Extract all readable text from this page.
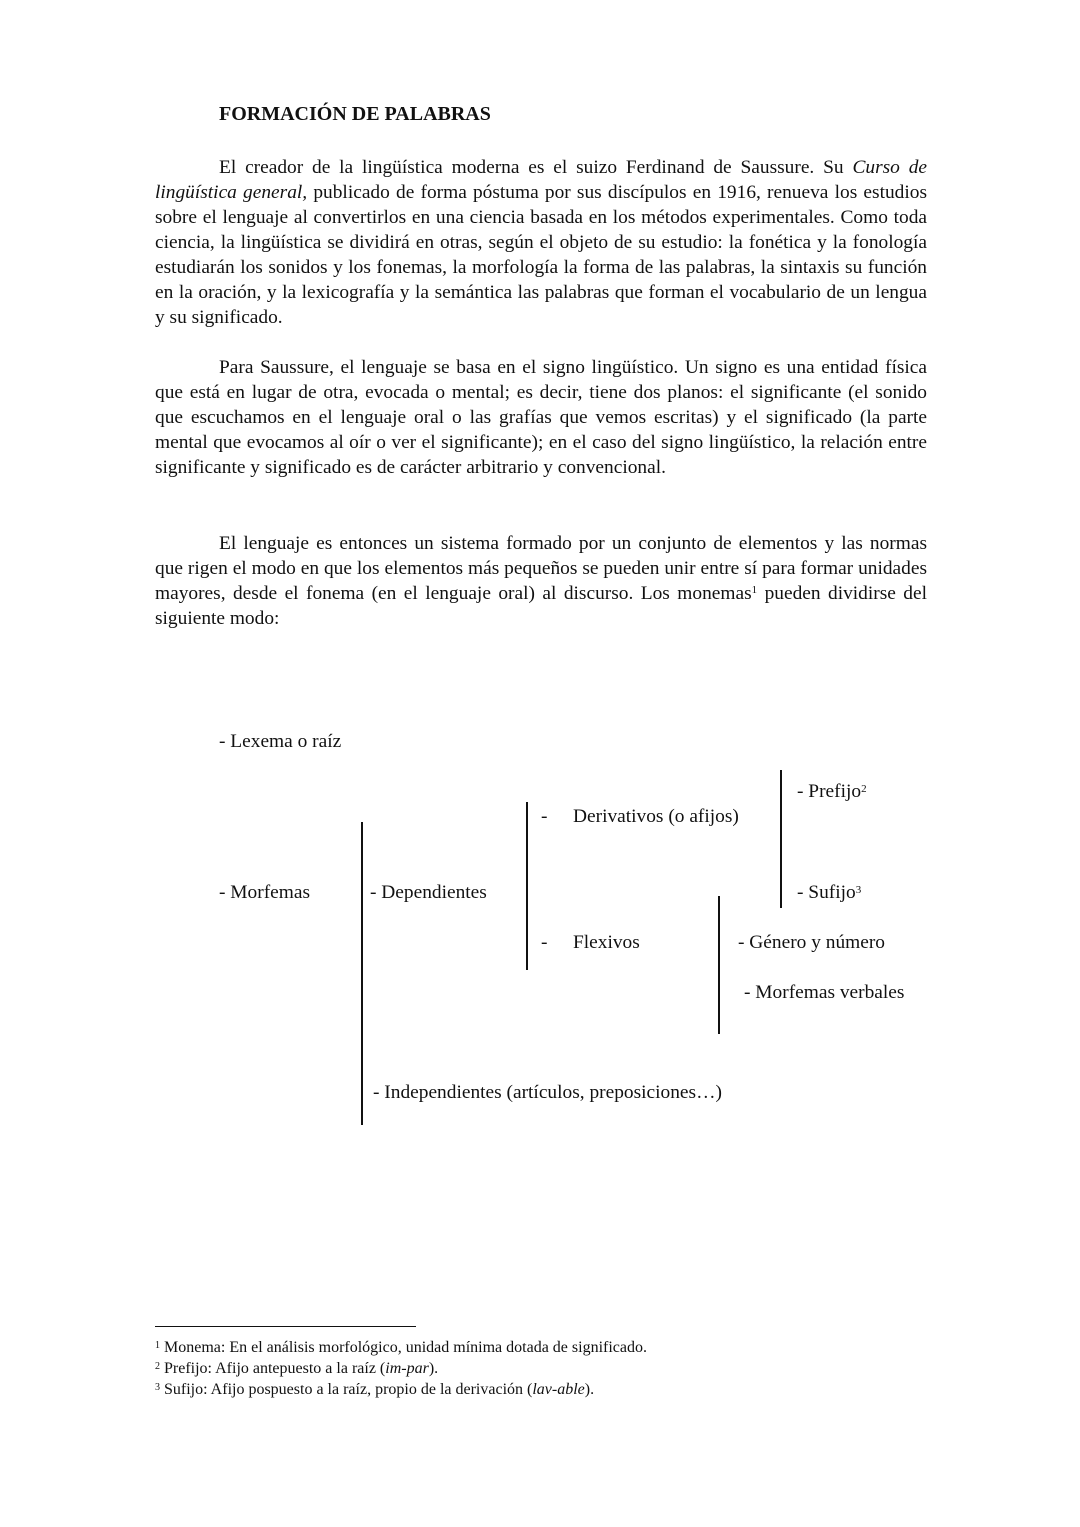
FORMACIÓN DE PALABRAS

El creador de la lingüística moderna es el suizo Ferdinand de Saussure. Su Curso de lingüística general, publicado de forma póstuma por sus discípulos en 1916, renueva los estudios sobre el lenguaje al convertirlos en una ciencia basada en los métodos experimentales. Como toda ciencia, la lingüística se dividirá en otras, según el objeto de su estudio: la fonética y la fonología estudiarán los sonidos y los fonemas, la morfología la forma de las palabras, la sintaxis su función en la oración, y la lexicografía y la semántica las palabras que forman el vocabulario de un lengua y su significado.

Para Saussure, el lenguaje se basa en el signo lingüístico. Un signo es una entidad física que está en lugar de otra, evocada o mental; es decir, tiene dos planos: el significante (el sonido que escuchamos en el lenguaje oral o las grafías que vemos escritas) y el significado (la parte mental que evocamos al oír o ver el significante); en el caso del signo lingüístico, la relación entre significante y significado es de carácter arbitrario y convencional.

El lenguaje es entonces un sistema formado por un conjunto de elementos y las normas que rigen el modo en que los elementos más pequeños se pueden unir entre sí para formar unidades mayores, desde el fonema (en el lenguaje oral) al discurso. Los monemas$^1$ pueden dividirse del siguiente modo:

- Lexema o raíz
- Prefijo$^2$
- Derivativos (o afijos)
- Morfemas	- Dependientes	- Sufijo$^3$
- Flexivos	- Género y número
- Morfemas verbales
- Independientes (artículos, preposiciones…)
$^1$ Monema: En el análisis morfológico, unidad mínima dotada de significado.
$^2$ Prefijo: Afijo antepuesto a la raíz (im-par).
$^3$ Sufijo: Afijo pospuesto a la raíz, propio de la derivación (lav-able).
